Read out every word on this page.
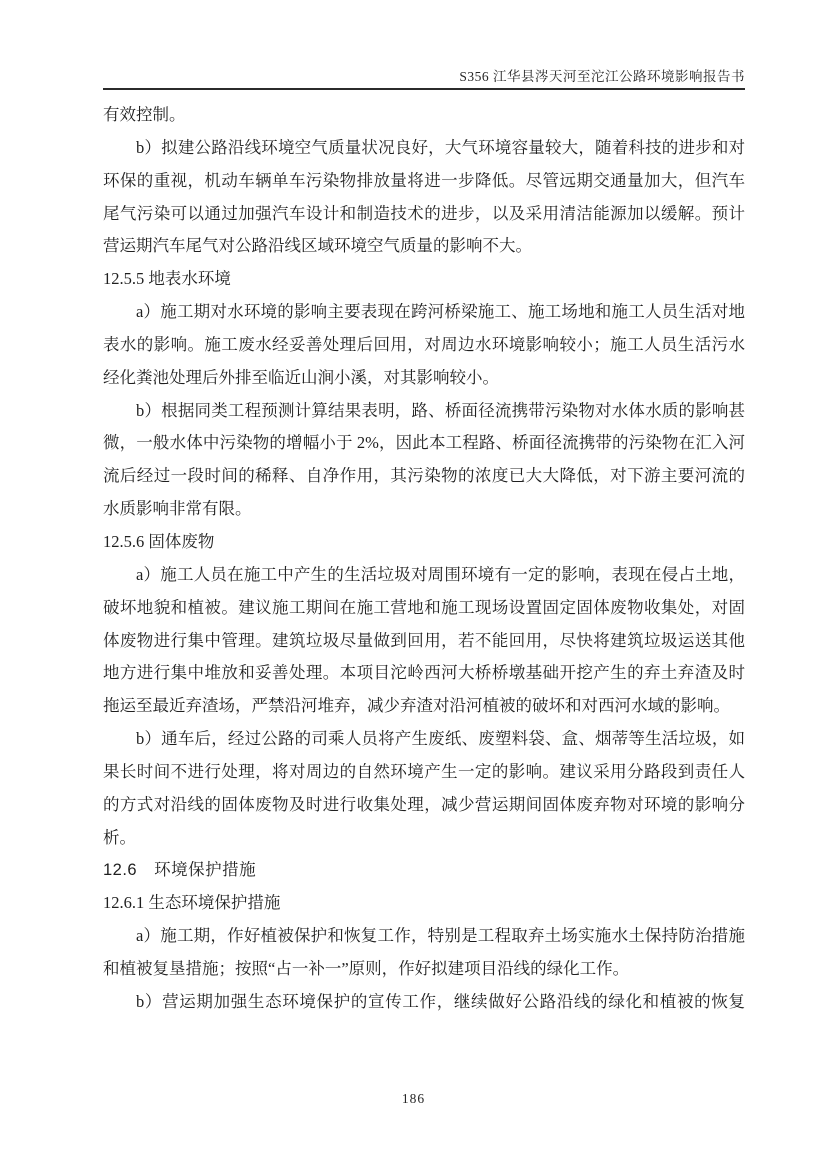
S356 江华县涔天河至沱江公路环境影响报告书

有效控制。

b）拟建公路沿线环境空气质量状况良好，大气环境容量较大，随着科技的进步和对环保的重视，机动车辆单车污染物排放量将进一步降低。尽管远期交通量加大，但汽车尾气污染可以通过加强汽车设计和制造技术的进步，以及采用清洁能源加以缓解。预计营运期汽车尾气对公路沿线区域环境空气质量的影响不大。

12.5.5 地表水环境

a）施工期对水环境的影响主要表现在跨河桥梁施工、施工场地和施工人员生活对地表水的影响。施工废水经妥善处理后回用，对周边水环境影响较小；施工人员生活污水经化粪池处理后外排至临近山涧小溪，对其影响较小。

b）根据同类工程预测计算结果表明，路、桥面径流携带污染物对水体水质的影响甚微，一般水体中污染物的增幅小于 2%，因此本工程路、桥面径流携带的污染物在汇入河流后经过一段时间的稀释、自净作用，其污染物的浓度已大大降低，对下游主要河流的水质影响非常有限。

12.5.6 固体废物

a）施工人员在施工中产生的生活垃圾对周围环境有一定的影响，表现在侵占土地，破坏地貌和植被。建议施工期间在施工营地和施工现场设置固定固体废物收集处，对固体废物进行集中管理。建筑垃圾尽量做到回用，若不能回用，尽快将建筑垃圾运送其他地方进行集中堆放和妥善处理。本项目沱岭西河大桥桥墩基础开挖产生的弃土弃渣及时拖运至最近弃渣场，严禁沿河堆弃，减少弃渣对沿河植被的破坏和对西河水域的影响。

b）通车后，经过公路的司乘人员将产生废纸、废塑料袋、盒、烟蒂等生活垃圾，如果长时间不进行处理，将对周边的自然环境产生一定的影响。建议采用分路段到责任人的方式对沿线的固体废物及时进行收集处理，减少营运期间固体废弃物对环境的影响分析。

12.6　环境保护措施
12.6.1 生态环境保护措施

a）施工期，作好植被保护和恢复工作，特别是工程取弃土场实施水土保持防治措施和植被复垦措施；按照“占一补一”原则，作好拟建项目沿线的绿化工作。

b）营运期加强生态环境保护的宣传工作，继续做好公路沿线的绿化和植被的恢复

186
